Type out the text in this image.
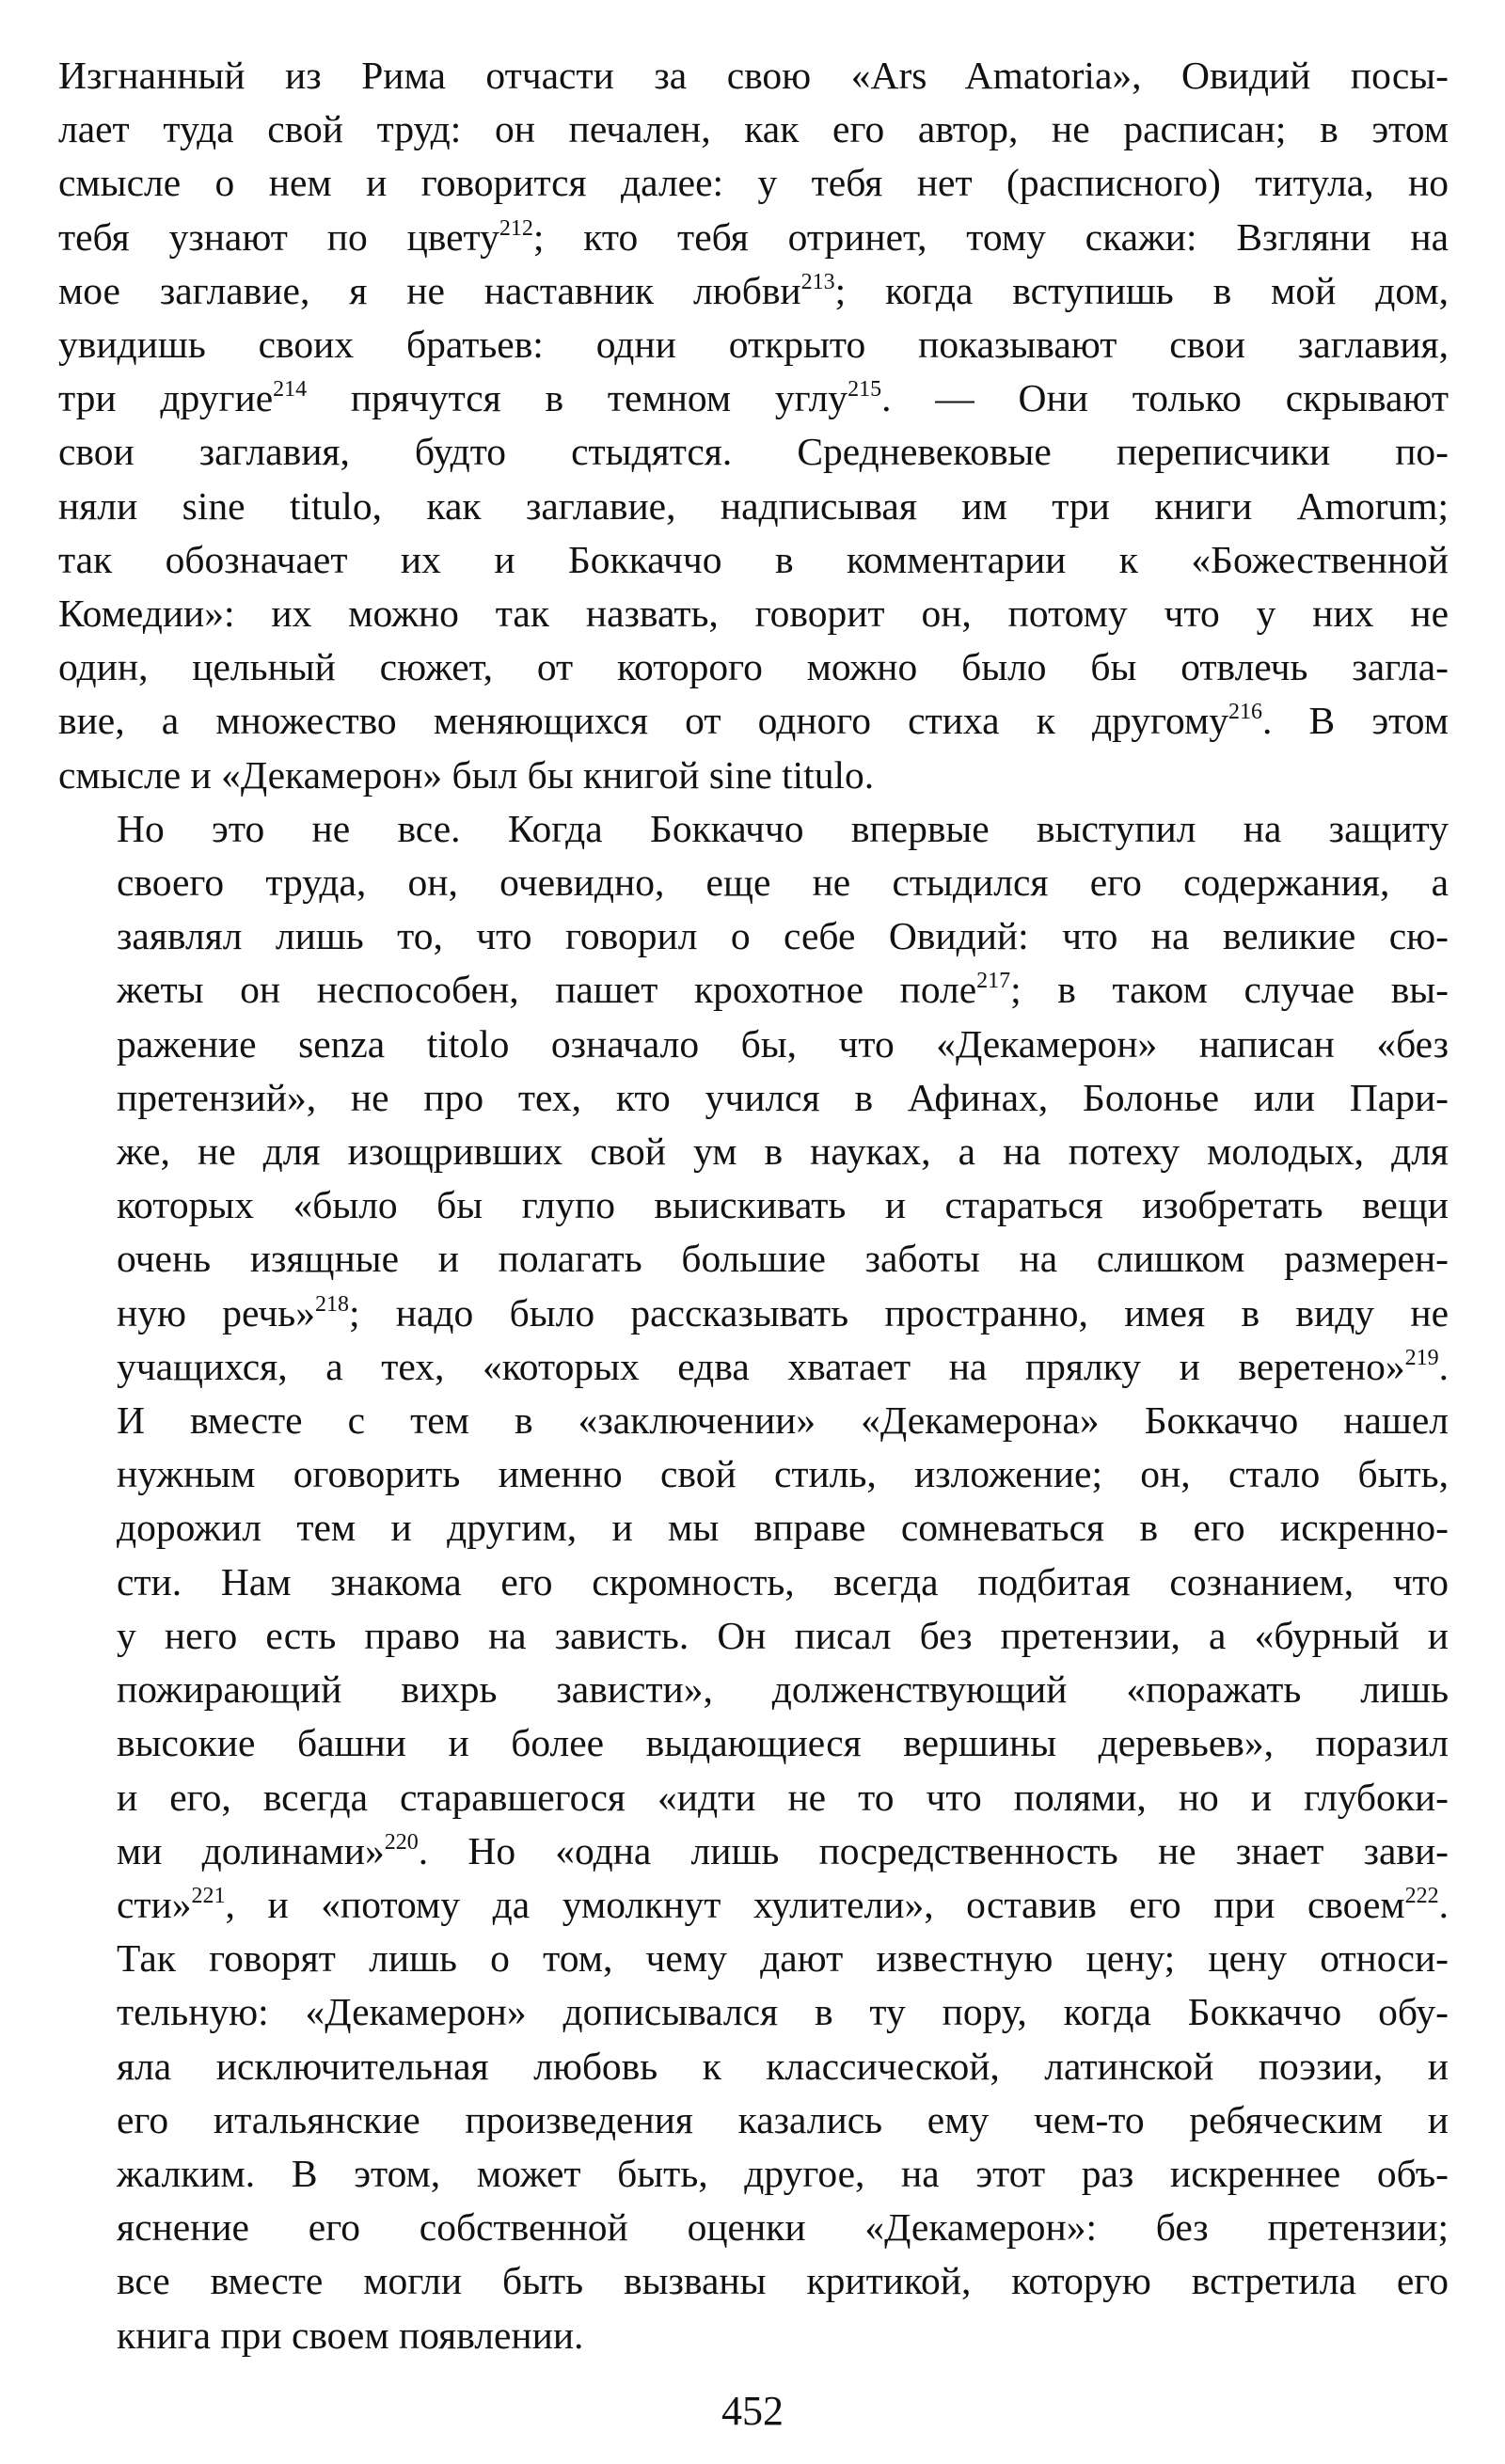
Изгнанный из Рима отчасти за свою «Ars Amatoria», Овидий посы-
лает туда свой труд: он печален, как его автор, не расписан; в этом
смысле о нем и говорится далее: у тебя нет (расписного) титула, но
тебя узнают по цвету$^{212}$; кто тебя отринет, тому скажи: Взгляни на
мое заглавие, я не наставник любви$^{213}$; когда вступишь в мой дом,
увидишь своих братьев: одни открыто показывают свои заглавия,
три другие$^{214}$ прячутся в темном углу$^{215}$. — Они только скрывают
свои заглавия, будто стыдятся. Средневековые переписчики по-
няли sine titulo, как заглавие, надписывая им три книги Amorum;
так обозначает их и Боккаччо в комментарии к «Божественной
Комедии»: их можно так назвать, говорит он, потому что у них не
один, цельный сюжет, от которого можно было бы отвлечь загла-
вие, а множество меняющихся от одного стиха к другому$^{216}$. В этом
смысле и «Декамерон» был бы книгой sine titulo.
Но это не все. Когда Боккаччо впервые выступил на защиту
своего труда, он, очевидно, еще не стыдился его содержания, а
заявлял лишь то, что говорил о себе Овидий: что на великие сю-
жеты он неспособен, пашет крохотное поле$^{217}$; в таком случае вы-
ражение senza titolo означало бы, что «Декамерон» написан «без
претензий», не про тех, кто учился в Афинах, Болонье или Пари-
же, не для изощривших свой ум в науках, а на потеху молодых, для
которых «было бы глупо выискивать и стараться изобретать вещи
очень изящные и полагать большие заботы на слишком размерен-
ную речь»$^{218}$; надо было рассказывать пространно, имея в виду не
учащихся, а тех, «которых едва хватает на прялку и веретено»$^{219}$.
И вместе с тем в «заключении» «Декамерона» Боккаччо нашел
нужным оговорить именно свой стиль, изложение; он, стало быть,
дорожил тем и другим, и мы вправе сомневаться в его искренно-
сти. Нам знакома его скромность, всегда подбитая сознанием, что
у него есть право на зависть. Он писал без претензии, а «бурный и
пожирающий вихрь зависти», долженствующий «поражать лишь
высокие башни и более выдающиеся вершины деревьев», поразил
и его, всегда старавшегося «идти не то что полями, но и глубоки-
ми долинами»$^{220}$. Но «одна лишь посредственность не знает зави-
сти»$^{221}$, и «потому да умолкнут хулители», оставив его при своем$^{222}$.
Так говорят лишь о том, чему дают известную цену; цену относи-
тельную: «Декамерон» дописывался в ту пору, когда Боккаччо обу-
яла исключительная любовь к классической, латинской поэзии, и
его итальянские произведения казались ему чем-то ребяческим и
жалким. В этом, может быть, другое, на этот раз искреннее объ-
яснение его собственной оценки «Декамерон»: без претензии;
все вместе могли быть вызваны критикой, которую встретила его
книга при своем появлении.
452
